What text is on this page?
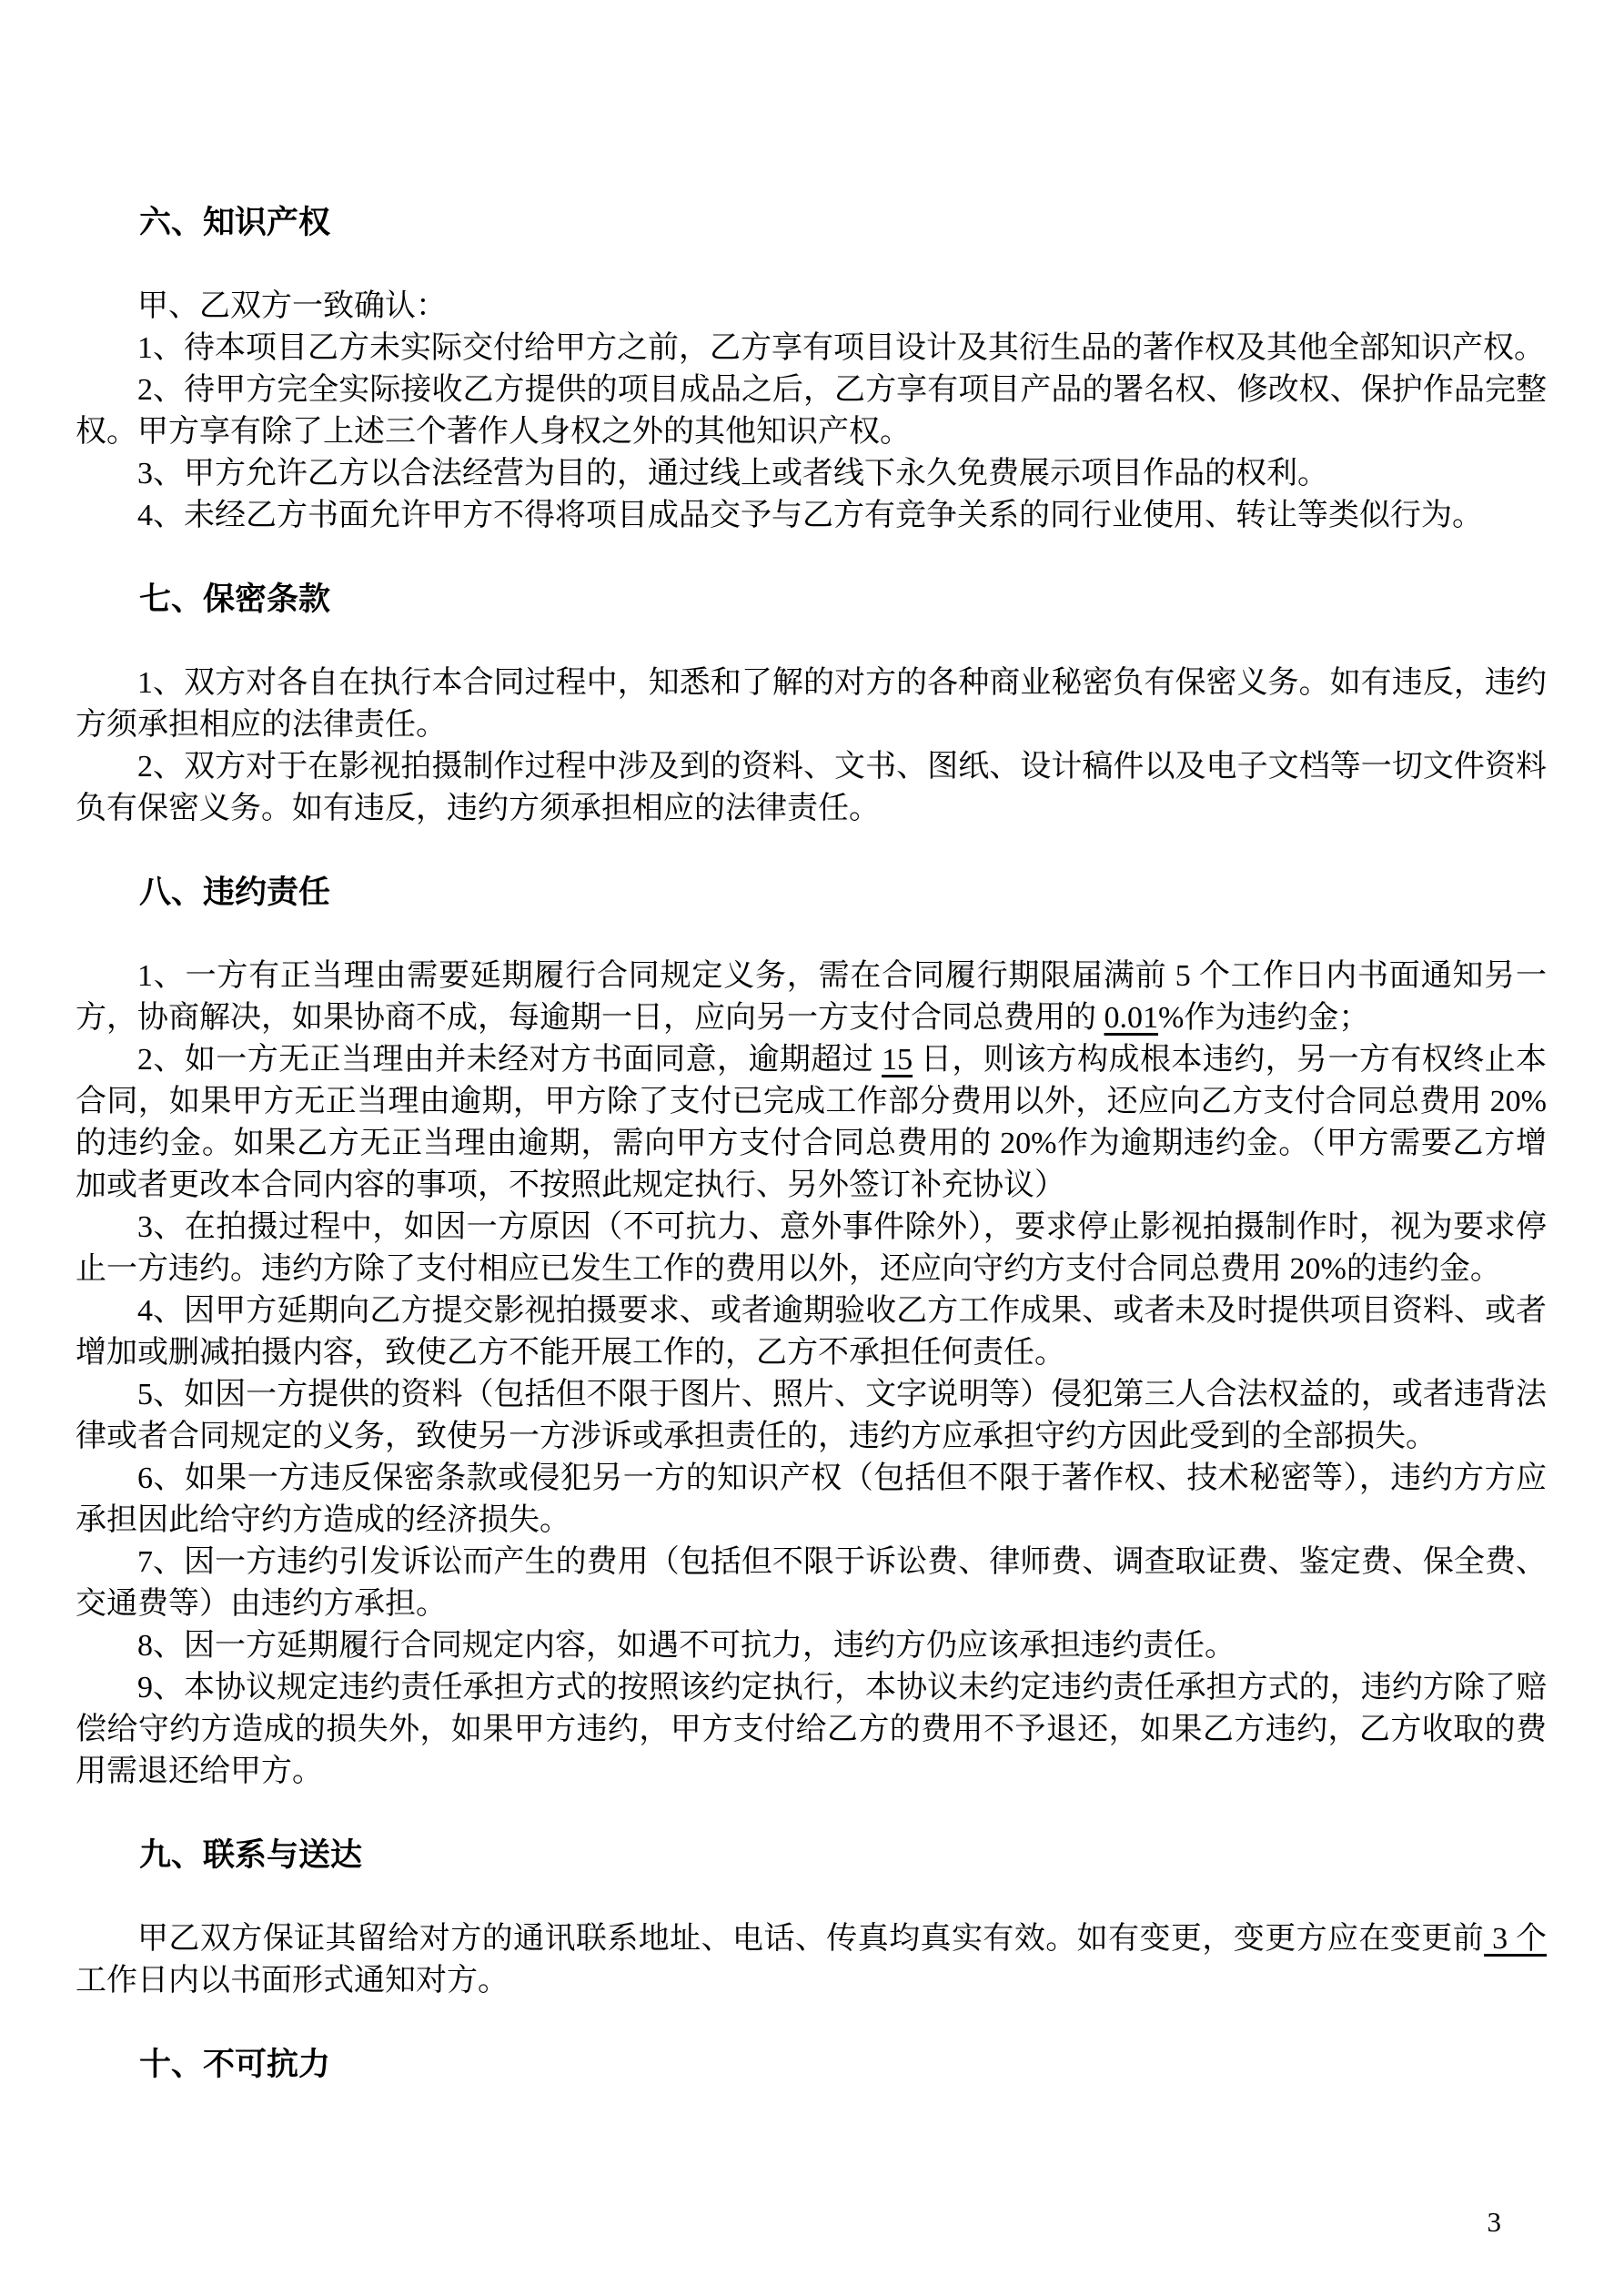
六、知识产权

甲、乙双方一致确认：

1、待本项目乙方未实际交付给甲方之前，乙方享有项目设计及其衍生品的著作权及其他全部知识产权。

2、待甲方完全实际接收乙方提供的项目成品之后，乙方享有项目产品的署名权、修改权、保护作品完整权。甲方享有除了上述三个著作人身权之外的其他知识产权。

3、甲方允许乙方以合法经营为目的，通过线上或者线下永久免费展示项目作品的权利。

4、未经乙方书面允许甲方不得将项目成品交予与乙方有竞争关系的同行业使用、转让等类似行为。

七、保密条款

1、双方对各自在执行本合同过程中，知悉和了解的对方的各种商业秘密负有保密义务。如有违反，违约方须承担相应的法律责任。

2、双方对于在影视拍摄制作过程中涉及到的资料、文书、图纸、设计稿件以及电子文档等一切文件资料负有保密义务。如有违反，违约方须承担相应的法律责任。

八、违约责任

1、一方有正当理由需要延期履行合同规定义务，需在合同履行期限届满前 5 个工作日内书面通知另一方，协商解决，如果协商不成，每逾期一日，应向另一方支付合同总费用的 0.01%作为违约金；

2、如一方无正当理由并未经对方书面同意，逾期超过 15 日，则该方构成根本违约，另一方有权终止本合同，如果甲方无正当理由逾期，甲方除了支付已完成工作部分费用以外，还应向乙方支付合同总费用 20%的违约金。如果乙方无正当理由逾期，需向甲方支付合同总费用的 20%作为逾期违约金。（甲方需要乙方增加或者更改本合同内容的事项，不按照此规定执行、另外签订补充协议）

3、在拍摄过程中，如因一方原因（不可抗力、意外事件除外），要求停止影视拍摄制作时，视为要求停止一方违约。违约方除了支付相应已发生工作的费用以外，还应向守约方支付合同总费用 20%的违约金。

4、因甲方延期向乙方提交影视拍摄要求、或者逾期验收乙方工作成果、或者未及时提供项目资料、或者增加或删减拍摄内容，致使乙方不能开展工作的，乙方不承担任何责任。

5、如因一方提供的资料（包括但不限于图片、照片、文字说明等）侵犯第三人合法权益的，或者违背法律或者合同规定的义务，致使另一方涉诉或承担责任的，违约方应承担守约方因此受到的全部损失。

6、如果一方违反保密条款或侵犯另一方的知识产权（包括但不限于著作权、技术秘密等），违约方方应承担因此给守约方造成的经济损失。

7、因一方违约引发诉讼而产生的费用（包括但不限于诉讼费、律师费、调查取证费、鉴定费、保全费、交通费等）由违约方承担。

8、因一方延期履行合同规定内容，如遇不可抗力，违约方仍应该承担违约责任。

9、本协议规定违约责任承担方式的按照该约定执行，本协议未约定违约责任承担方式的，违约方除了赔偿给守约方造成的损失外，如果甲方违约，甲方支付给乙方的费用不予退还，如果乙方违约，乙方收取的费用需退还给甲方。

九、联系与送达

甲乙双方保证其留给对方的通讯联系地址、电话、传真均真实有效。如有变更，变更方应在变更前 3 个工作日内以书面形式通知对方。

十、不可抗力
3
